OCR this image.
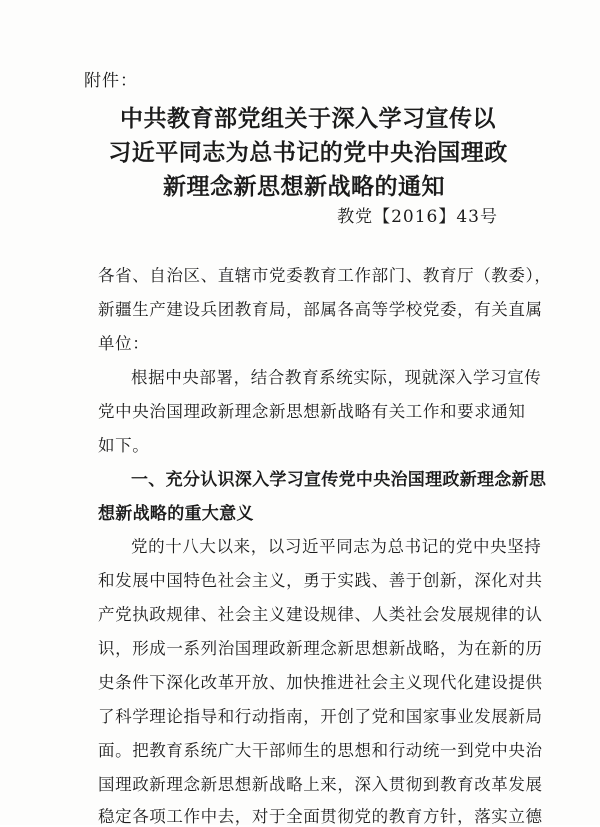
附件：
中共教育部党组关于深入学习宣传以
习近平同志为总书记的党中央治国理政
新理念新思想新战略的通知
教党【2016】43号
各省、自治区、直辖市党委教育工作部门、教育厅（教委），
新疆生产建设兵团教育局，部属各高等学校党委，有关直属
单位：
根据中央部署，结合教育系统实际，现就深入学习宣传
党中央治国理政新理念新思想新战略有关工作和要求通知
如下。
一、充分认识深入学习宣传党中央治国理政新理念新思
想新战略的重大意义
党的十八大以来，以习近平同志为总书记的党中央坚持
和发展中国特色社会主义，勇于实践、善于创新，深化对共
产党执政规律、社会主义建设规律、人类社会发展规律的认
识，形成一系列治国理政新理念新思想新战略，为在新的历
史条件下深化改革开放、加快推进社会主义现代化建设提供
了科学理论指导和行动指南，开创了党和国家事业发展新局
面。把教育系统广大干部师生的思想和行动统一到党中央治
国理政新理念新思想新战略上来，深入贯彻到教育改革发展
稳定各项工作中去，对于全面贯彻党的教育方针，落实立德
